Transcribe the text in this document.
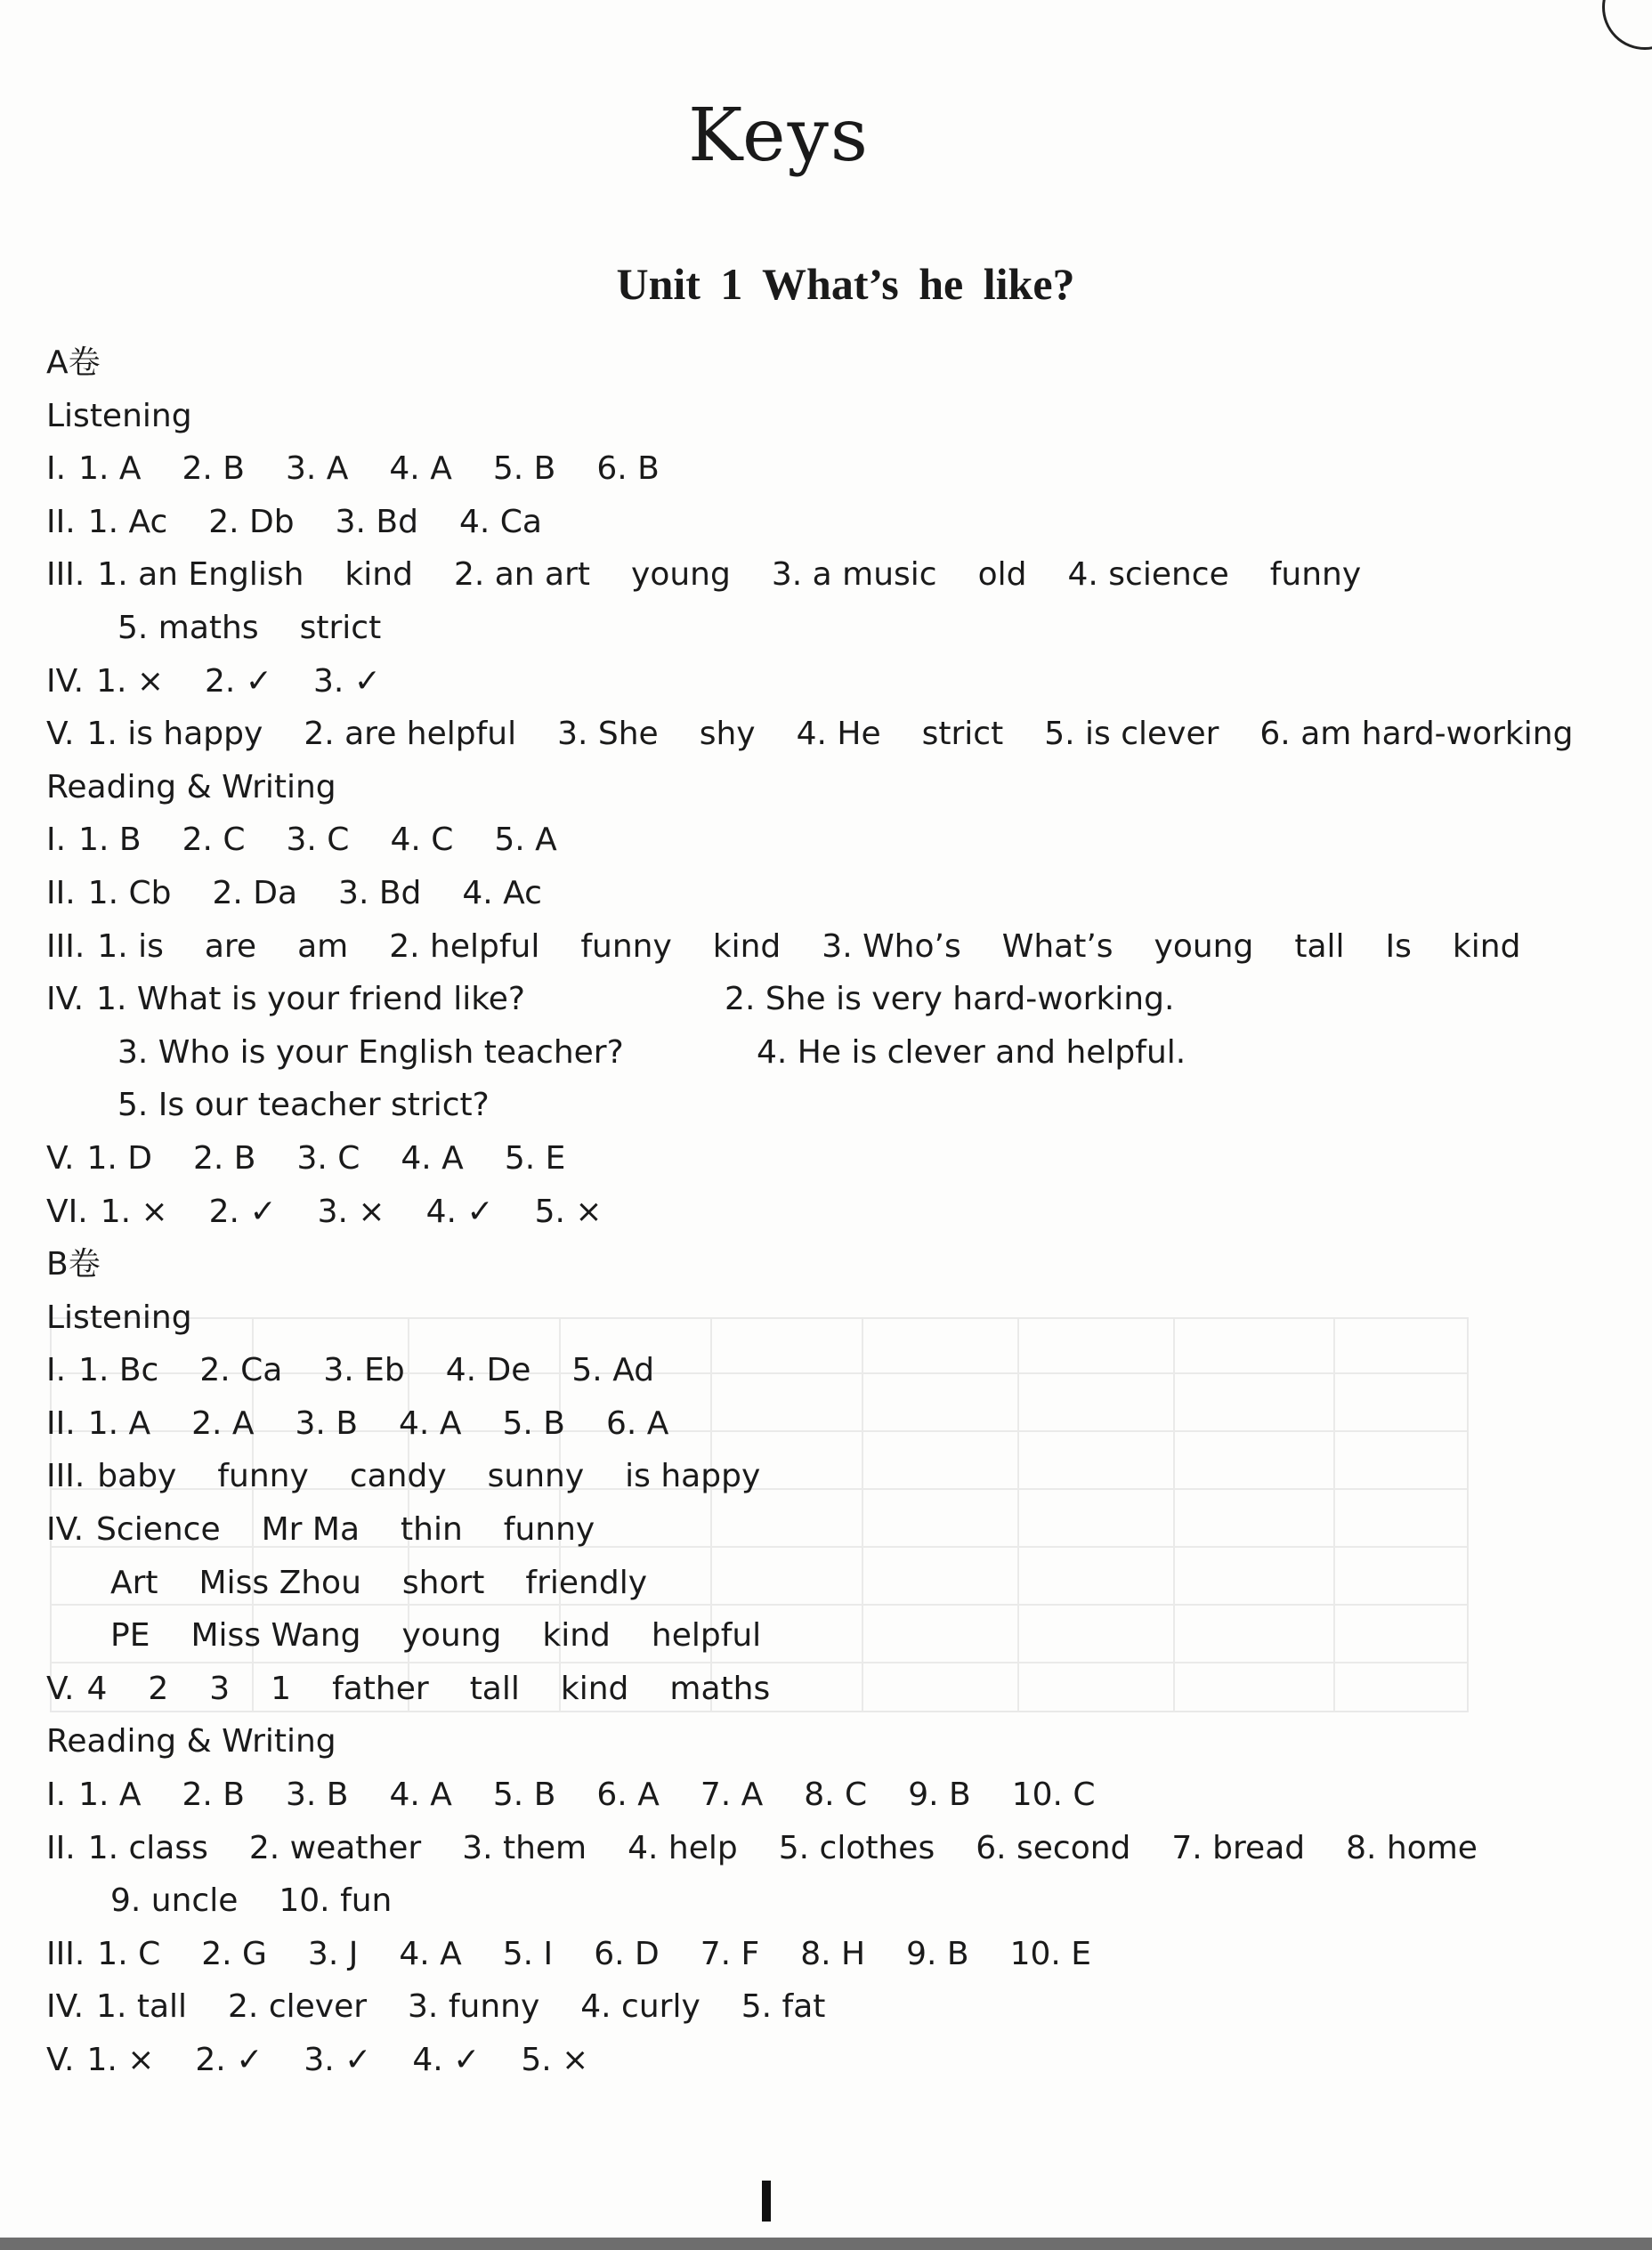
Keys
Unit 1 What’s he like?
A卷
Listening
I. 1. A 2. B 3. A 4. A 5. B 6. B
II. 1. Ac 2. Db 3. Bd 4. Ca
III. 1. an English kind 2. an art young 3. a music old 4. science funny
5. maths strict
IV. 1. × 2. ✓ 3. ✓
V. 1. is happy 2. are helpful 3. She shy 4. He strict 5. is clever 6. am hard-working
Reading & Writing
I. 1. B 2. C 3. C 4. C 5. A
II. 1. Cb 2. Da 3. Bd 4. Ac
III. 1. is are am 2. helpful funny kind 3. Who’s What’s young tall Is kind
IV. 1. What is your friend like?	2. She is very hard-working.
3. Who is your English teacher?	4. He is clever and helpful.
5. Is our teacher strict?
V. 1. D 2. B 3. C 4. A 5. E
VI. 1. × 2. ✓ 3. × 4. ✓ 5. ×
B卷
Listening
I. 1. Bc 2. Ca 3. Eb 4. De 5. Ad
II. 1. A 2. A 3. B 4. A 5. B 6. A
III. baby funny candy sunny is happy
IV. Science Mr Ma thin funny
Art Miss Zhou short friendly
PE Miss Wang young kind helpful
V. 4 2 3 1 father tall kind maths
Reading & Writing
I. 1. A 2. B 3. B 4. A 5. B 6. A 7. A 8. C 9. B 10. C
II. 1. class 2. weather 3. them 4. help 5. clothes 6. second 7. bread 8. home
9. uncle 10. fun
III. 1. C 2. G 3. J 4. A 5. I 6. D 7. F 8. H 9. B 10. E
IV. 1. tall 2. clever 3. funny 4. curly 5. fat
V. 1. × 2. ✓ 3. ✓ 4. ✓ 5. ×
